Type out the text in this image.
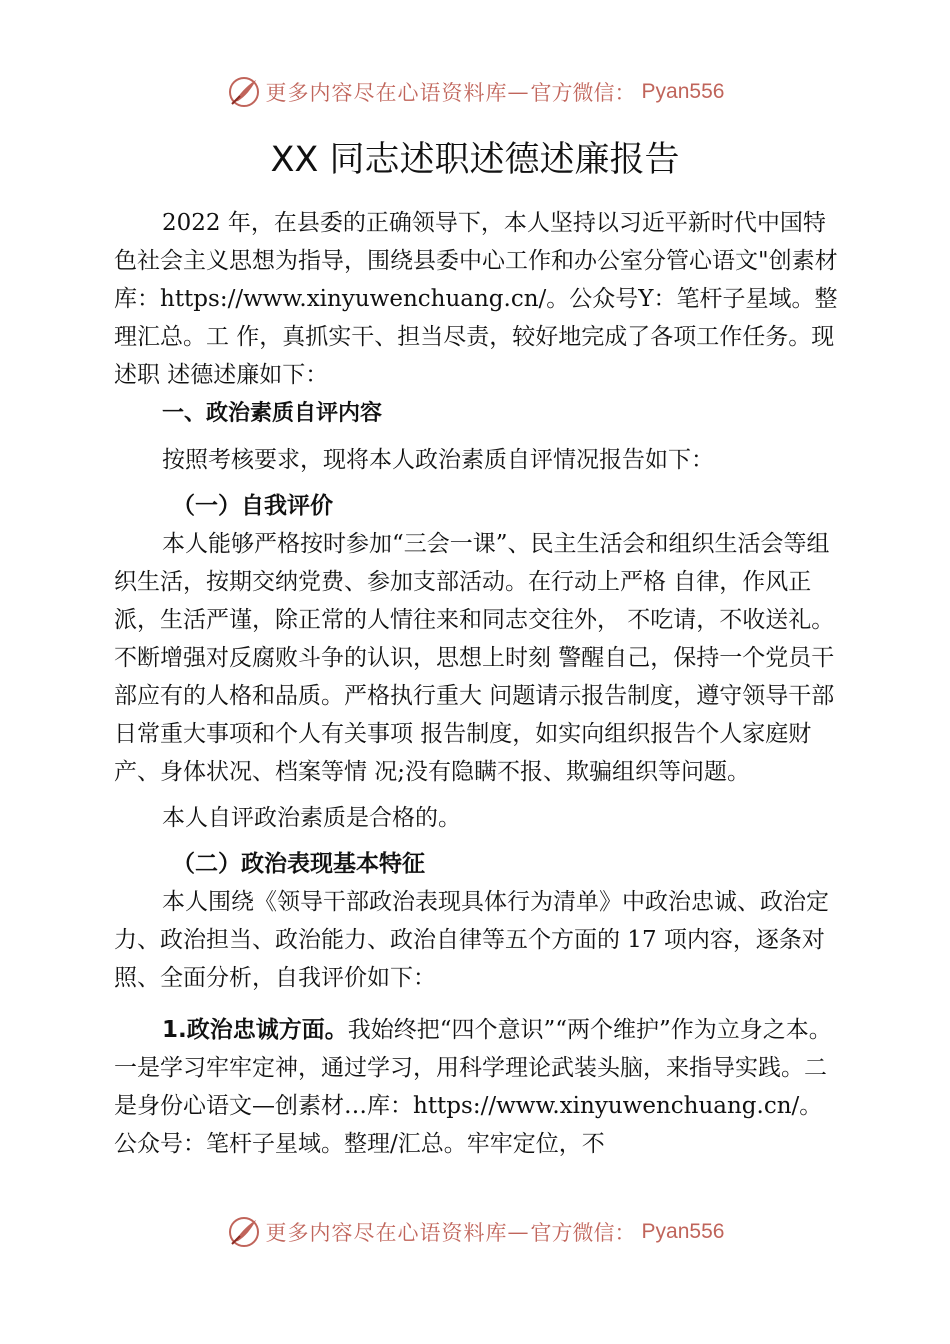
更多内容尽在心语资料库 — 官方微信： Pyan556
XX 同志述职述德述廉报告

2022 年，在县委的正确领导下，本人坚持以习近平新时代中国特色社会主义思想为指导，围绕县委中心工作和办公室分管心语文"创素材库：https://www.xinyuwenchuang.cn/。公众号Y：笔杆子星域。整理汇总。工 作，真抓实干、担当尽责，较好地完成了各项工作任务。现述职 述德述廉如下：

一、政治素质自评内容

按照考核要求，现将本人政治素质自评情况报告如下：

（一）自我评价

本人能够严格按时参加“三会一课”、民主生活会和组织生活会等组织生活，按期交纳党费、参加支部活动。在行动上严格 自律，作风正派，生活严谨，除正常的人情往来和同志交往外， 不吃请，不收送礼。不断增强对反腐败斗争的认识，思想上时刻 警醒自己，保持一个党员干部应有的人格和品质。严格执行重大 问题请示报告制度，遵守领导干部日常重大事项和个人有关事项 报告制度，如实向组织报告个人家庭财产、身体状况、档案等情 况;没有隐瞒不报、欺骗组织等问题。

本人自评政治素质是合格的。

（二）政治表现基本特征

本人围绕《领导干部政治表现具体行为清单》中政治忠诚、政治定力、政治担当、政治能力、政治自律等五个方面的 17 项内容，逐条对照、全面分析，自我评价如下：

1.政治忠诚方面。我始终把“四个意识”“两个维护”作为立身之本。一是学习牢牢定神，通过学习，用科学理论武装头脑，来指导实践。二是身份心语文—创素材…库：https://www.xinyuwenchuang.cn/。公众号：笔杆子星域。整理/汇总。牢牢定位，不

更多内容尽在心语资料库 — 官方微信： Pyan556
